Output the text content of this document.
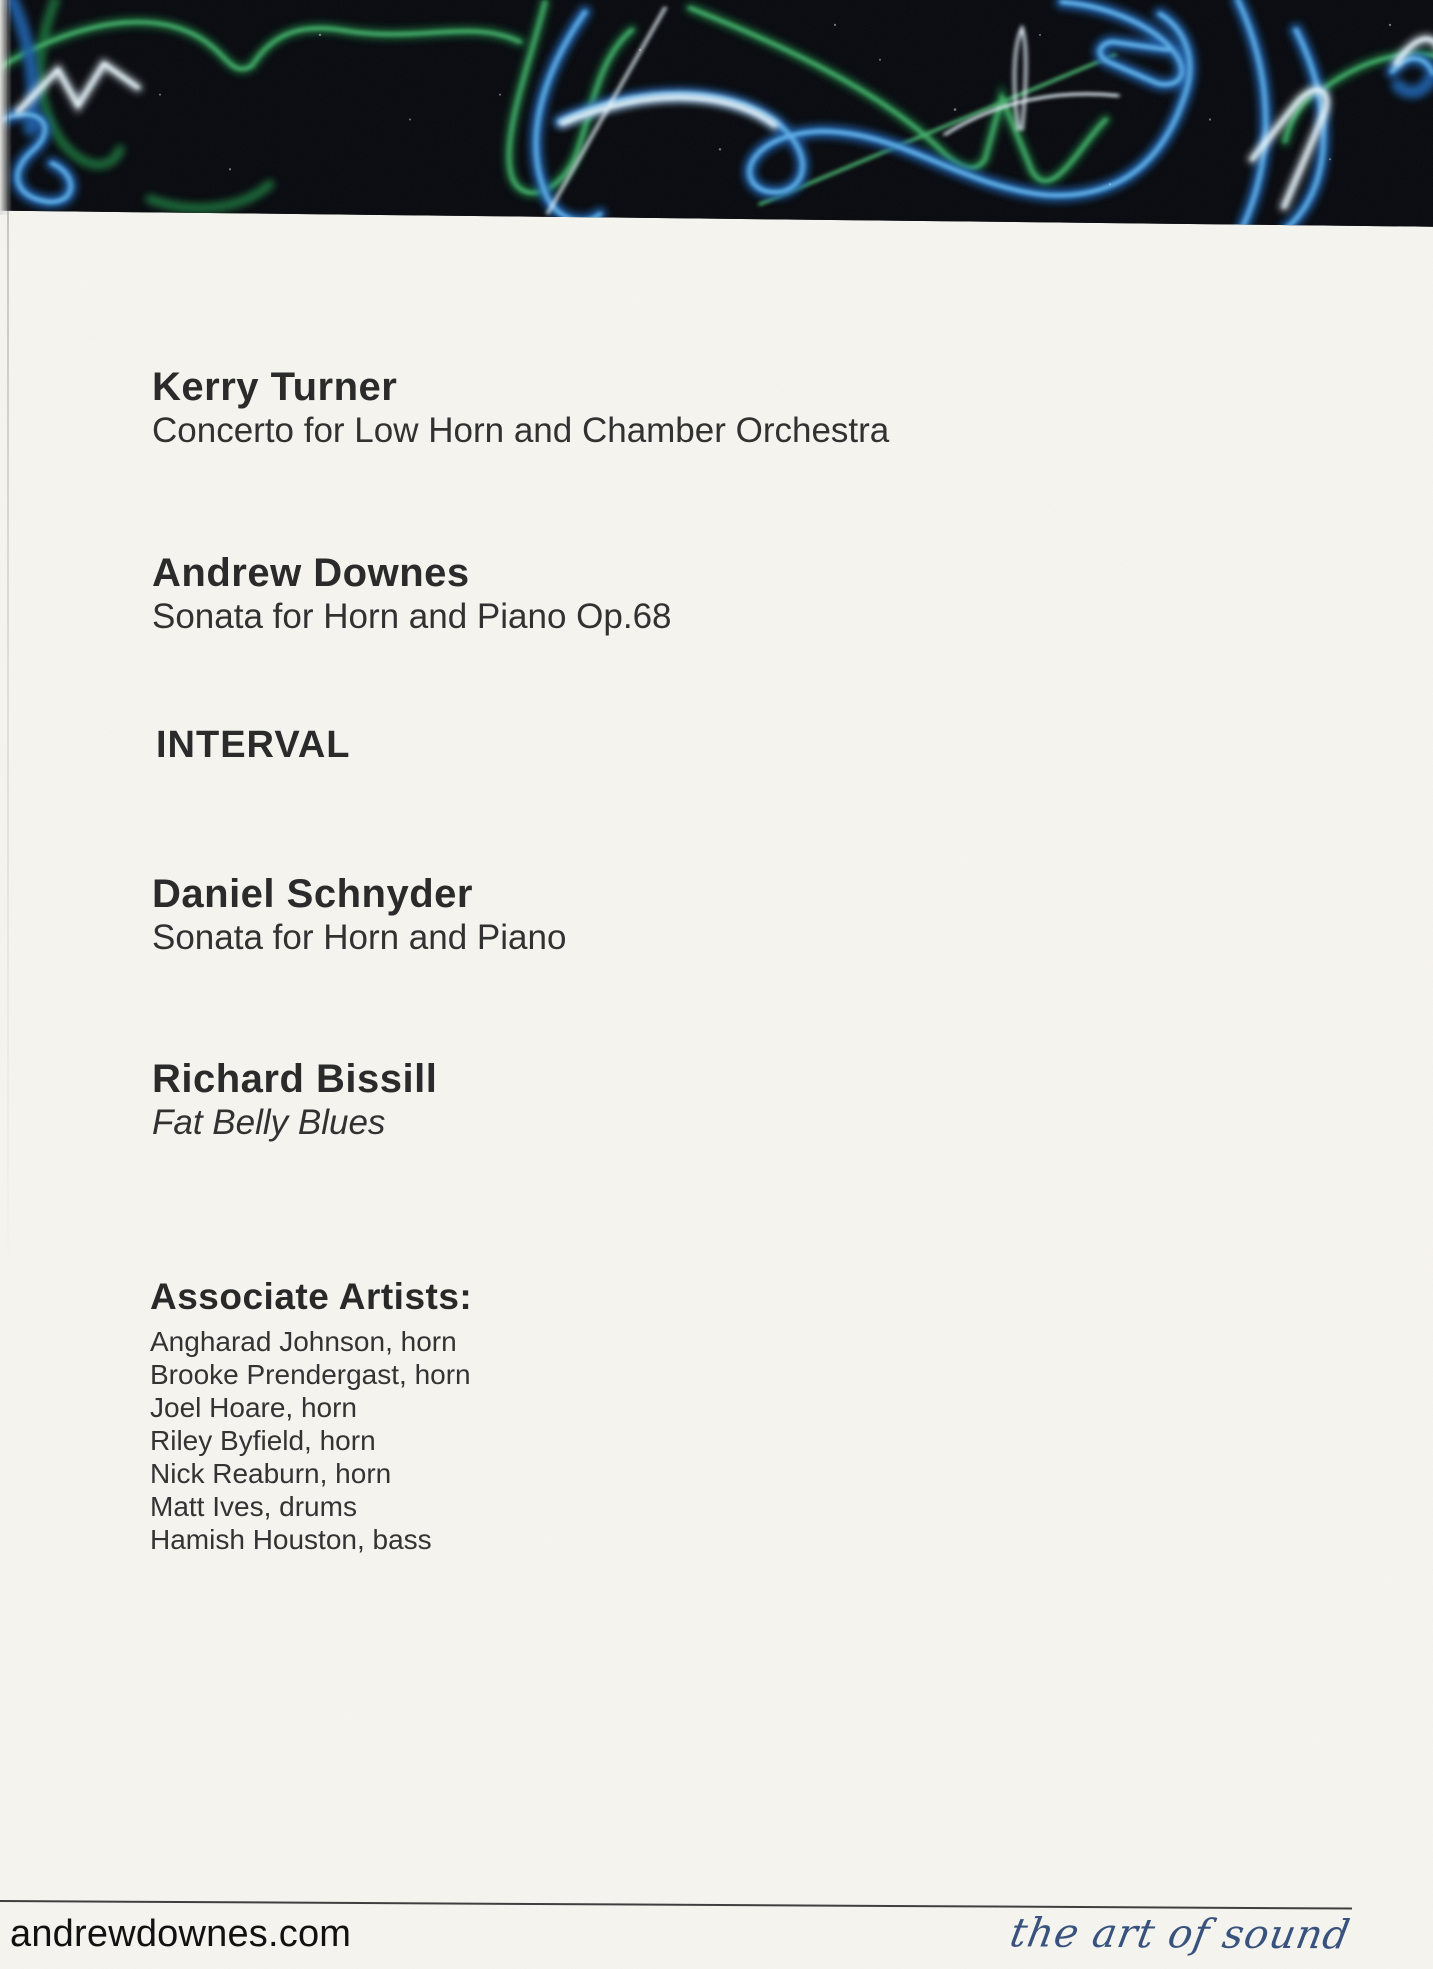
Kerry Turner
Concerto for Low Horn and Chamber Orchestra
Andrew Downes
Sonata for Horn and Piano Op.68
INTERVAL
Daniel Schnyder
Sonata for Horn and Piano
Richard Bissill
Fat Belly Blues
Associate Artists:
Angharad Johnson, horn
Brooke Prendergast, horn
Joel Hoare, horn
Riley Byfield, horn
Nick Reaburn, horn
Matt Ives, drums
Hamish Houston, bass
andrewdownes.com	the art of sound
